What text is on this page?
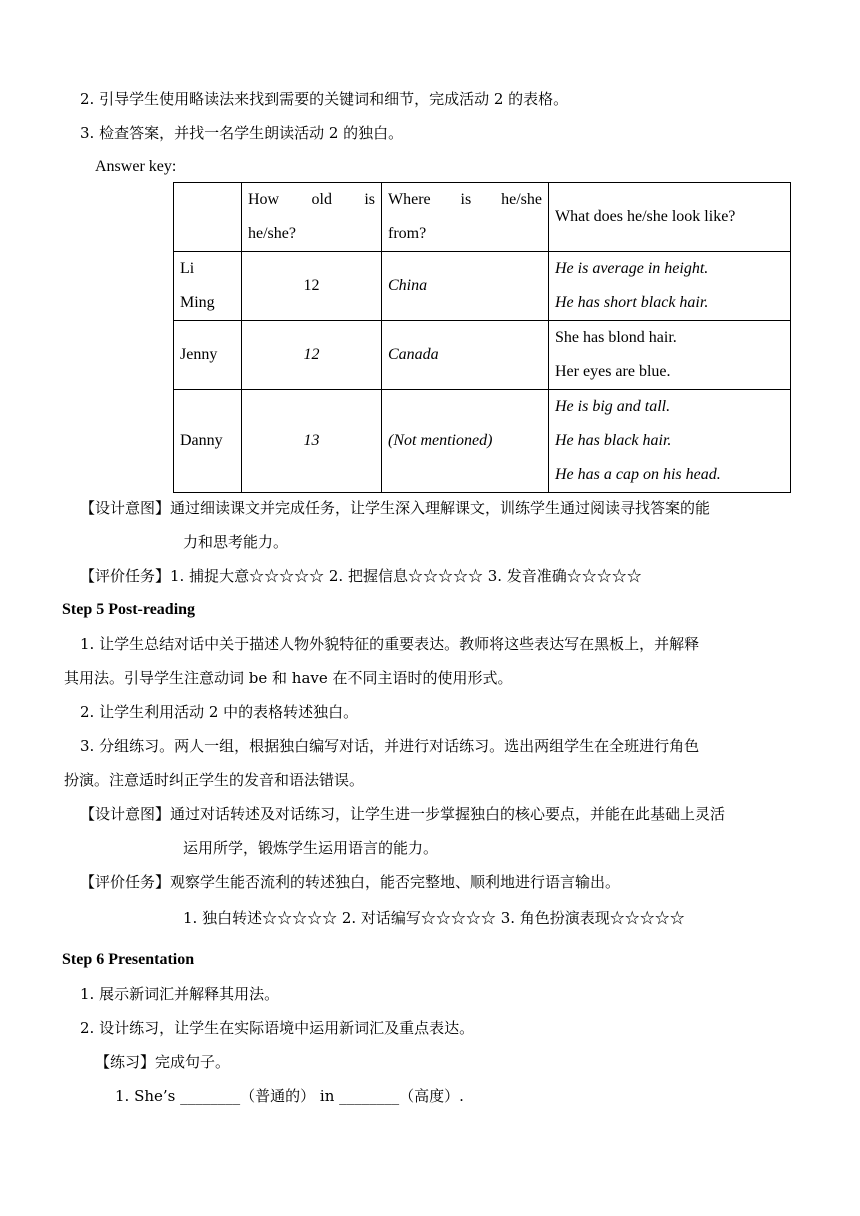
2. 引导学生使用略读法来找到需要的关键词和细节，完成活动 2 的表格。
3. 检查答案，并找一名学生朗读活动 2 的独白。
Answer key:

	How old is
he/she?	Where is he/she
from?	What does he/she look like?

Li
Ming	12	China	He is average in height.
He has short black hair.

Jenny	12	Canada	She has blond hair.
Her eyes are blue.

Danny	13	(Not mentioned)	He is big and tall.
He has black hair.
He has a cap on his head.
【设计意图】通过细读课文并完成任务，让学生深入理解课文，训练学生通过阅读寻找答案的能
力和思考能力。
【评价任务】1. 捕捉大意☆☆☆☆☆ 2. 把握信息☆☆☆☆☆ 3. 发音准确☆☆☆☆☆
Step 5 Post-reading
1. 让学生总结对话中关于描述人物外貌特征的重要表达。教师将这些表达写在黑板上，并解释
其用法。引导学生注意动词 be 和 have 在不同主语时的使用形式。
2. 让学生利用活动 2 中的表格转述独白。
3. 分组练习。两人一组，根据独白编写对话，并进行对话练习。选出两组学生在全班进行角色
扮演。注意适时纠正学生的发音和语法错误。
【设计意图】通过对话转述及对话练习，让学生进一步掌握独白的核心要点，并能在此基础上灵活
运用所学，锻炼学生运用语言的能力。
【评价任务】观察学生能否流利的转述独白，能否完整地、顺利地进行语言输出。
1. 独白转述☆☆☆☆☆ 2. 对话编写☆☆☆☆☆ 3. 角色扮演表现☆☆☆☆☆
Step 6 Presentation
1. 展示新词汇并解释其用法。
2. 设计练习，让学生在实际语境中运用新词汇及重点表达。
【练习】完成句子。
1. She’s ________（普通的） in ________（高度）.
